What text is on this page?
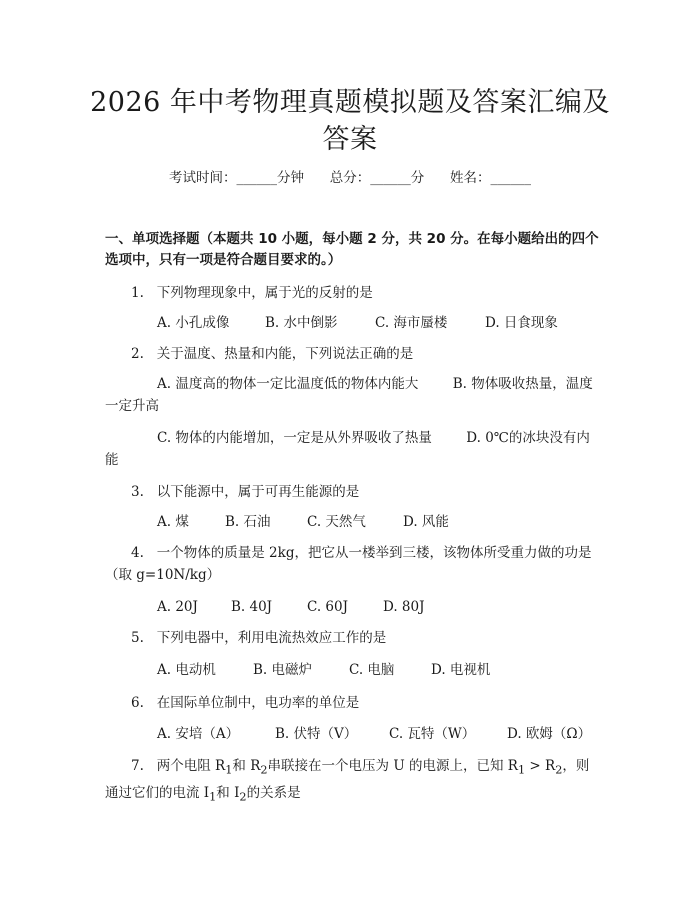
2026 年中考物理真题模拟题及答案汇编及答案
考试时间：______分钟 总分：______分 姓名：______
一、单项选择题（本题共 10 小题，每小题 2 分，共 20 分。在每小题给出的四个选项中，只有一项是符合题目要求的。）
1. 下列物理现象中，属于光的反射的是
A. 小孔成像	B. 水中倒影	C. 海市蜃楼	D. 日食现象
2. 关于温度、热量和内能，下列说法正确的是
A. 温度高的物体一定比温度低的物体内能大	B. 物体吸收热量，温度一定升高
C. 物体的内能增加，一定是从外界吸收了热量	D. 0℃的冰块没有内能
3. 以下能源中，属于可再生能源的是
A. 煤	B. 石油	C. 天然气	D. 风能
4. 一个物体的质量是 2kg，把它从一楼举到三楼，该物体所受重力做的功是（取 g=10N/kg）
A. 20J B. 40J	C. 60J	D. 80J
5. 下列电器中，利用电流热效应工作的是
A. 电动机	B. 电磁炉	C. 电脑	D. 电视机
6. 在国际单位制中，电功率的单位是
A. 安培（A）	B. 伏特（V） C. 瓦特（W） D. 欧姆（Ω）
7. 两个电阻 $R_1$和 $R_2$串联接在一个电压为 U 的电源上，已知 $R_1 > R_2$，则通过它们的电流 $I_1$和 $I_2$的关系是
